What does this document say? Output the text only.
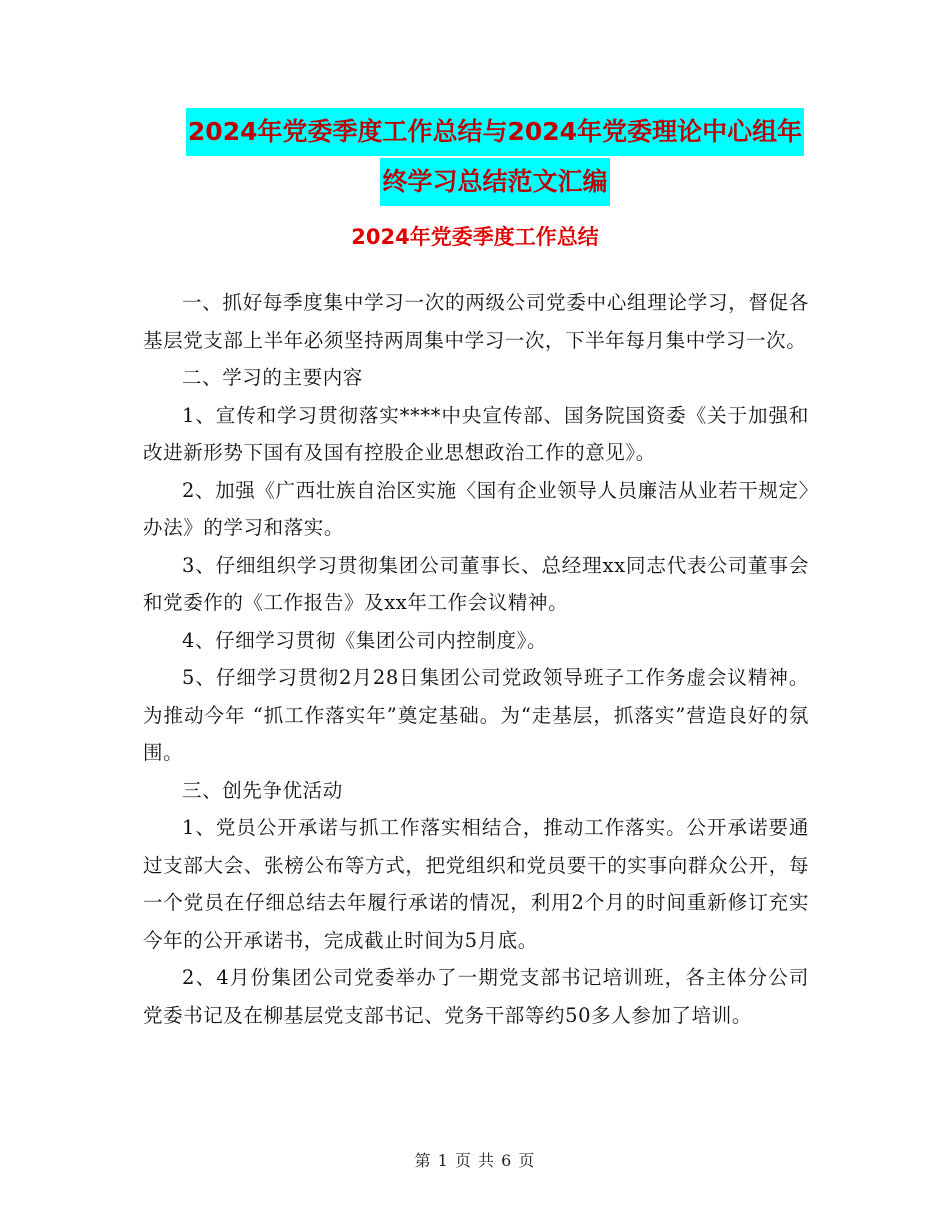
2024年党委季度工作总结与2024年党委理论中心组年
终学习总结范文汇编
2024年党委季度工作总结

一、抓好每季度集中学习一次的两级公司党委中心组理论学习，督促各基层党支部上半年必须坚持两周集中学习一次，下半年每月集中学习一次。

二、学习的主要内容

1、宣传和学习贯彻落实****中央宣传部、国务院国资委《关于加强和改进新形势下国有及国有控股企业思想政治工作的意见》。

2、加强《广西壮族自治区实施〈国有企业领导人员廉洁从业若干规定〉办法》的学习和落实。

3、仔细组织学习贯彻集团公司董事长、总经理xx同志代表公司董事会和党委作的《工作报告》及xx年工作会议精神。

4、仔细学习贯彻《集团公司内控制度》。

5、仔细学习贯彻2月28日集团公司党政领导班子工作务虚会议精神。为推动今年 “抓工作落实年”奠定基础。为“走基层，抓落实”营造良好的氛围。

三、创先争优活动

1、党员公开承诺与抓工作落实相结合，推动工作落实。公开承诺要通过支部大会、张榜公布等方式，把党组织和党员要干的实事向群众公开，每一个党员在仔细总结去年履行承诺的情况，利用2个月的时间重新修订充实今年的公开承诺书，完成截止时间为5月底。

2、4月份集团公司党委举办了一期党支部书记培训班，各主体分公司党委书记及在柳基层党支部书记、党务干部等约50多人参加了培训。

第 1 页 共 6 页
